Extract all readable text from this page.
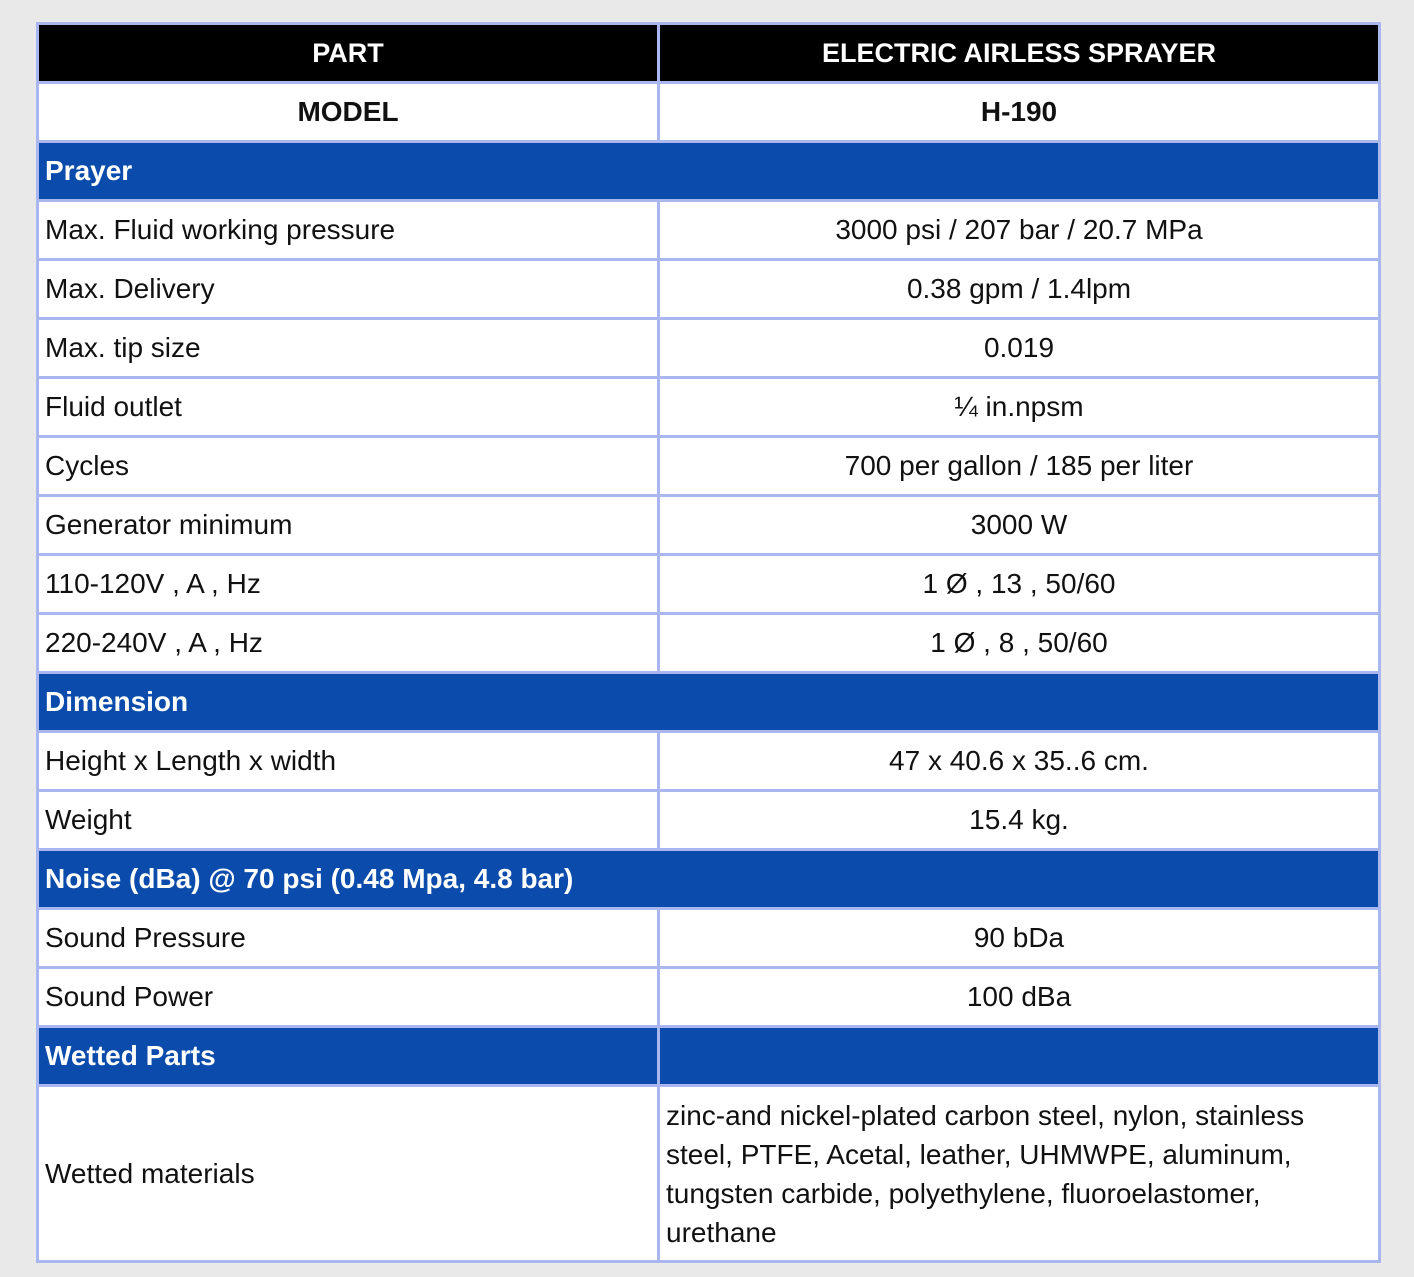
PART	ELECTRIC AIRLESS SPRAYER
MODEL	H-190
Prayer	
Max. Fluid working pressure	3000 psi / 207 bar / 20.7 MPa
Max. Delivery	0.38 gpm / 1.4lpm
Max. tip size	0.019
Fluid outlet	¼ in.npsm
Cycles	700 per gallon / 185 per liter
Generator minimum	3000 W
110-120V , A , Hz	1 Ø , 13 , 50/60
220-240V , A , Hz	1 Ø , 8 , 50/60
Dimension	
Height x Length x width	47 x 40.6 x 35..6 cm.
Weight	15.4 kg.
Noise (dBa) @ 70 psi (0.48 Mpa, 4.8 bar)	
Sound Pressure	90 bDa
Sound Power	100 dBa
Wetted Parts	
Wetted materials	zinc-and nickel-plated carbon steel, nylon, stainless steel, PTFE, Acetal, leather, UHMWPE, aluminum, tungsten carbide, polyethylene, fluoroelastomer, urethane
